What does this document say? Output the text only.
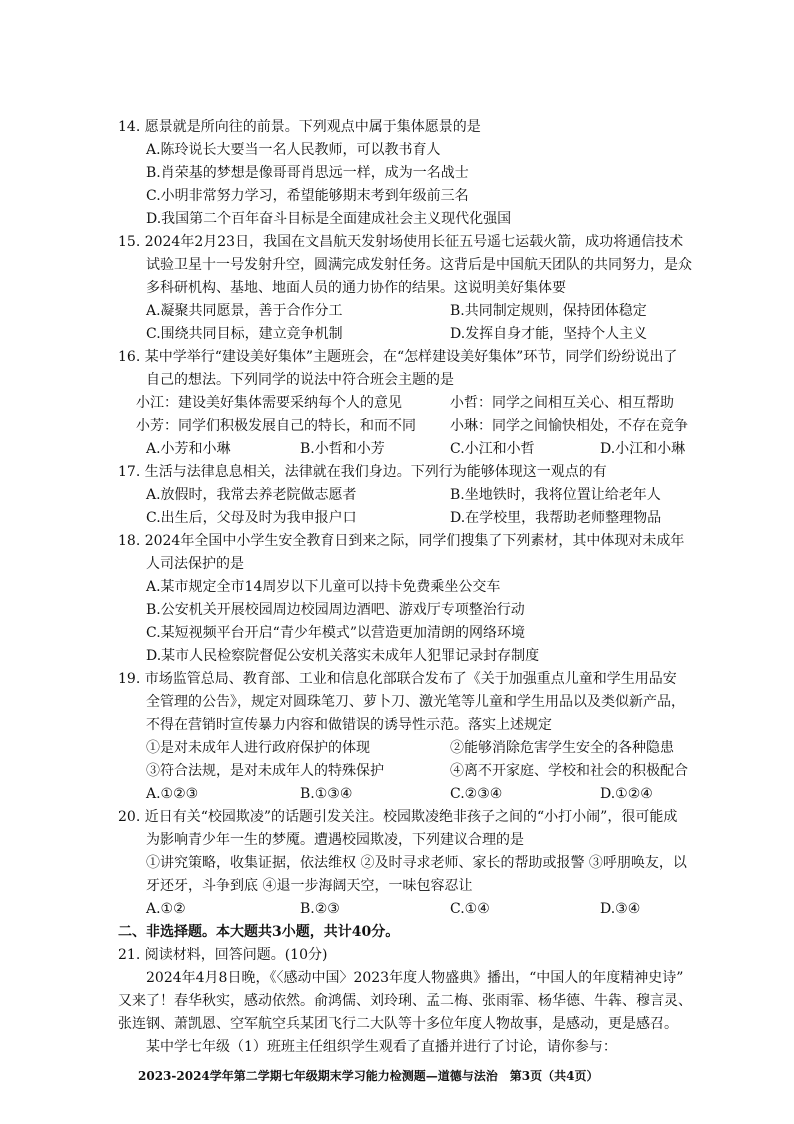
14. 愿景就是所向往的前景。下列观点中属于集体愿景的是
A.陈玲说长大要当一名人民教师，可以教书育人
B.肖荣基的梦想是像哥哥肖思远一样，成为一名战士
C.小明非常努力学习，希望能够期末考到年级前三名
D.我国第二个百年奋斗目标是全面建成社会主义现代化强国
15. 2024年2月23日，我国在文昌航天发射场使用长征五号遥七运载火箭，成功将通信技术
试验卫星十一号发射升空，圆满完成发射任务。这背后是中国航天团队的共同努力，是众
多科研机构、基地、地面人员的通力协作的结果。这说明美好集体要
A.凝聚共同愿景，善于合作分工	B.共同制定规则，保持团体稳定
C.围绕共同目标，建立竞争机制	D.发挥自身才能，坚持个人主义
16. 某中学举行“建设美好集体”主题班会，在“怎样建设美好集体”环节，同学们纷纷说出了
自己的想法。下列同学的说法中符合班会主题的是
小江：建设美好集体需要采纳每个人的意见	小哲：同学之间相互关心、相互帮助
小芳：同学们积极发展自己的特长，和而不同 小琳：同学之间愉快相处，不存在竞争
A.小芳和小琳	B.小哲和小芳	C.小江和小哲	D.小江和小琳
17. 生活与法律息息相关，法律就在我们身边。下列行为能够体现这一观点的有
A.放假时，我常去养老院做志愿者	B.坐地铁时，我将位置让给老年人
C.出生后，父母及时为我申报户口	D.在学校里，我帮助老师整理物品
18. 2024年全国中小学生安全教育日到来之际，同学们搜集了下列素材，其中体现对未成年
人司法保护的是
A.某市规定全市14周岁以下儿童可以持卡免费乘坐公交车
B.公安机关开展校园周边校园周边酒吧、游戏厅专项整治行动
C.某短视频平台开启“青少年模式”以营造更加清朗的网络环境
D.某市人民检察院督促公安机关落实未成年人犯罪记录封存制度
19. 市场监管总局、教育部、工业和信息化部联合发布了《关于加强重点儿童和学生用品安
全管理的公告》，规定对圆珠笔刀、萝卜刀、激光笔等儿童和学生用品以及类似新产品，
不得在营销时宣传暴力内容和做错误的诱导性示范。落实上述规定
①是对未成年人进行政府保护的体现	②能够消除危害学生安全的各种隐患
③符合法规，是对未成年人的特殊保护	④离不开家庭、学校和社会的积极配合
A.①②③	B.①③④	C.②③④	D.①②④
20. 近日有关“校园欺凌”的话题引发关注。校园欺凌绝非孩子之间的“小打小闹”，很可能成
为影响青少年一生的梦魇。遭遇校园欺凌，下列建议合理的是
①讲究策略，收集证据，依法维权 ②及时寻求老师、家长的帮助或报警 ③呼朋唤友，以
牙还牙，斗争到底 ④退一步海阔天空，一味包容忍让
A.①②	B.②③	C.①④	D.③④
二、非选择题。本大题共3小题，共计40分。
21. 阅读材料，回答问题。(10分)
2024年4月8日晚，《〈感动中国〉2023年度人物盛典》播出，“中国人的年度精神史诗”
又来了！春华秋实，感动依然。俞鸿儒、刘玲琍、孟二梅、张雨霏、杨华德、牛犇、穆言灵、
张连钢、萧凯恩、空军航空兵某团飞行二大队等十多位年度人物故事，是感动，更是感召。
某中学七年级（1）班班主任组织学生观看了直播并进行了讨论，请你参与：
2023-2024学年第二学期七年级期末学习能力检测题—道德与法治　第3页（共4页）
